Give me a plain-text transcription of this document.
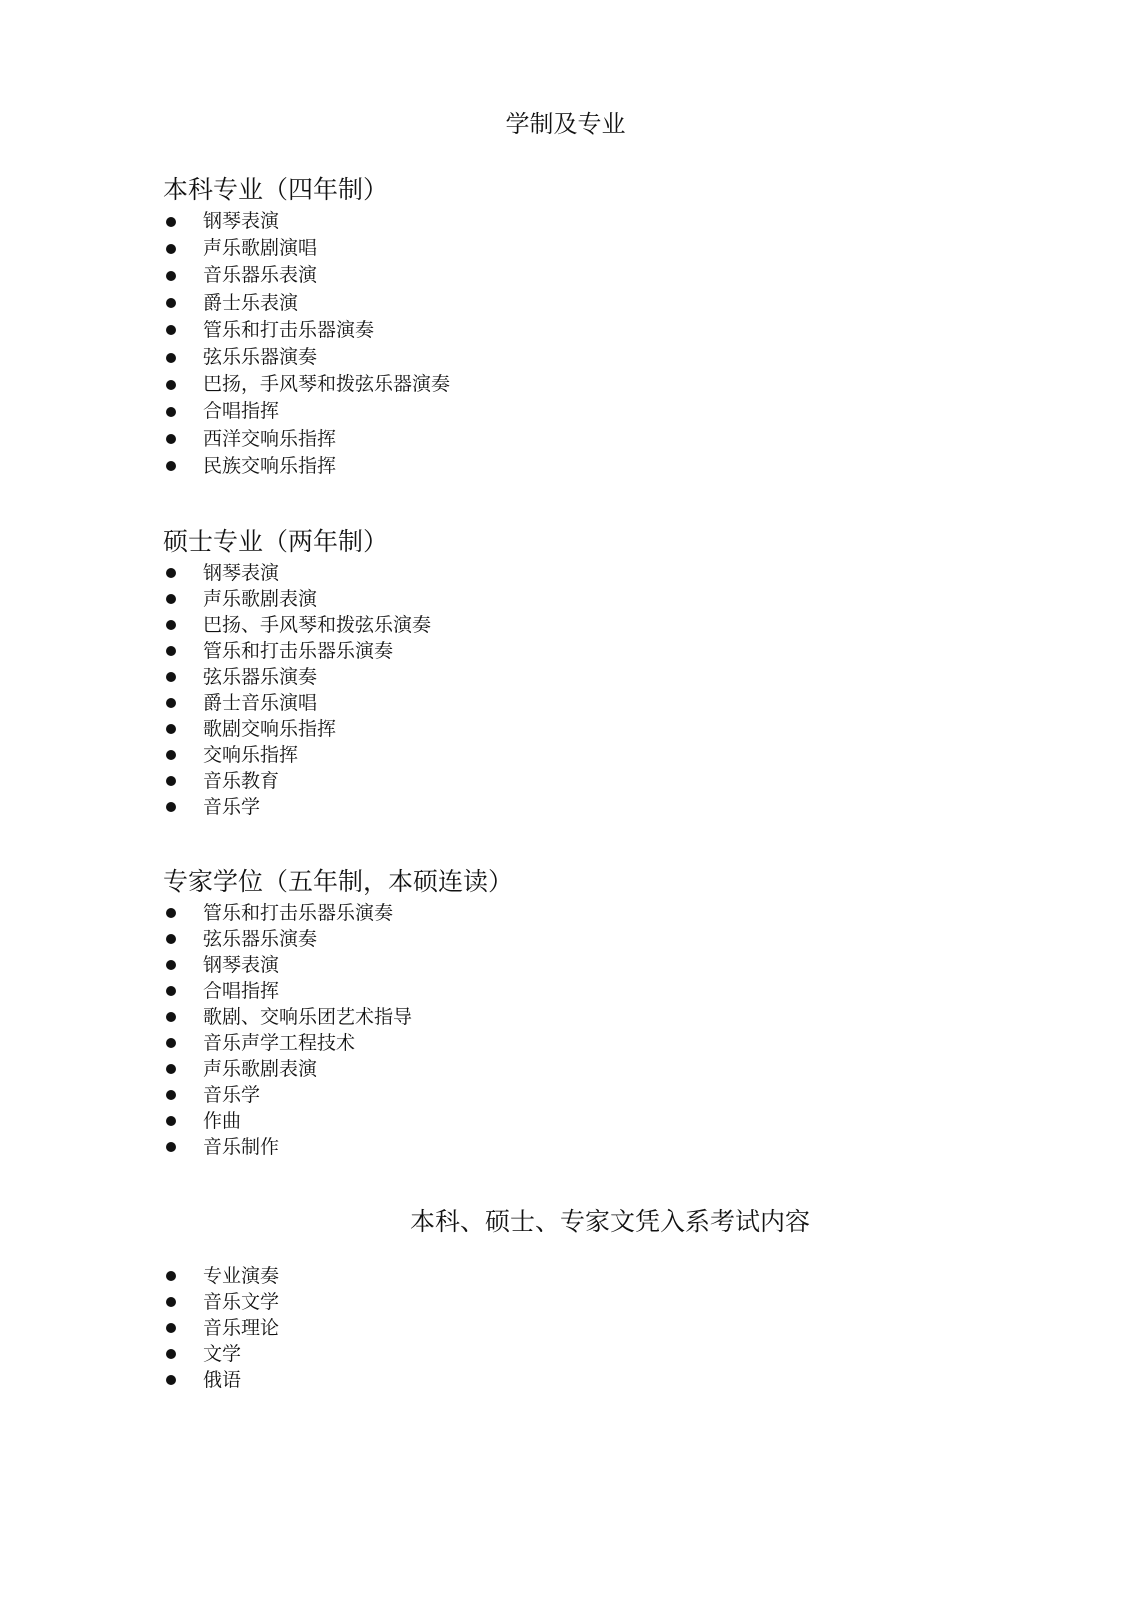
学制及专业
本科专业（四年制）
钢琴表演
声乐歌剧演唱
音乐器乐表演
爵士乐表演
管乐和打击乐器演奏
弦乐乐器演奏
巴扬，手风琴和拨弦乐器演奏
合唱指挥
西洋交响乐指挥
民族交响乐指挥
硕士专业（两年制）
钢琴表演
声乐歌剧表演
巴扬、手风琴和拨弦乐演奏
管乐和打击乐器乐演奏
弦乐器乐演奏
爵士音乐演唱
歌剧交响乐指挥
交响乐指挥
音乐教育
音乐学
专家学位（五年制，本硕连读）
管乐和打击乐器乐演奏
弦乐器乐演奏
钢琴表演
合唱指挥
歌剧、交响乐团艺术指导
音乐声学工程技术
声乐歌剧表演
音乐学
作曲
音乐制作
本科、硕士、专家文凭入系考试内容
专业演奏
音乐文学
音乐理论
文学
俄语
